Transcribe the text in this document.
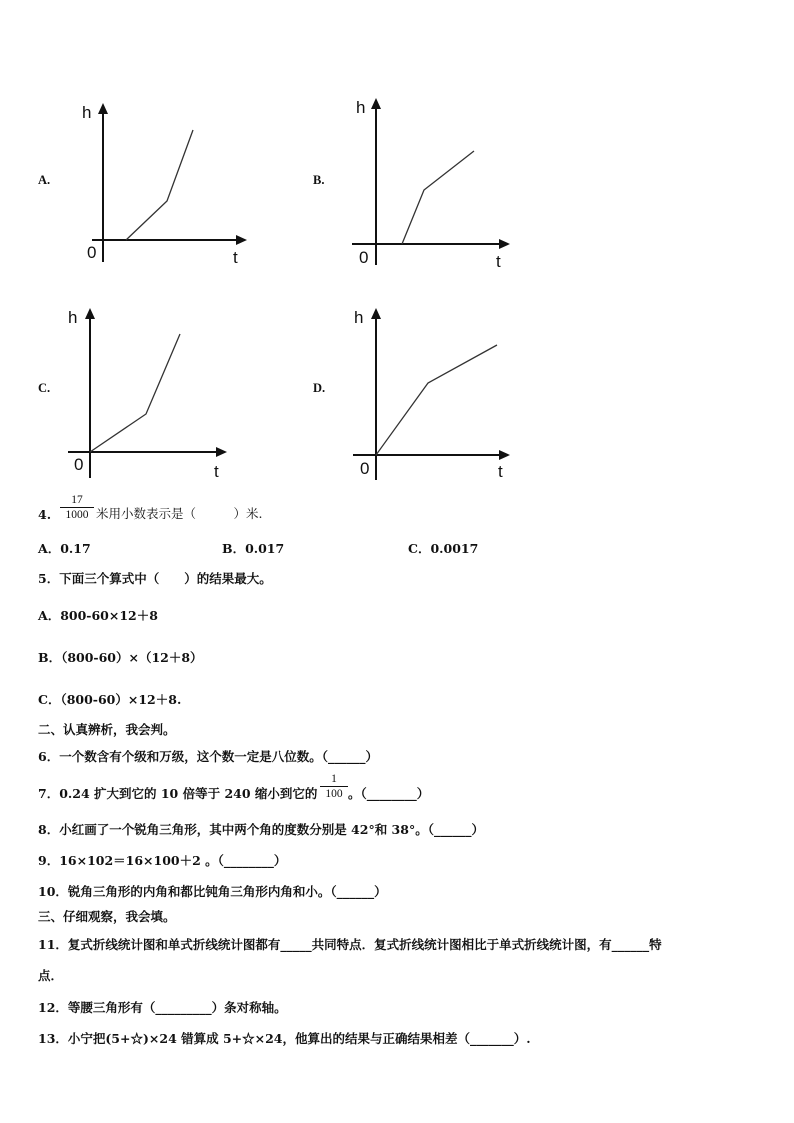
A.	B.
C.	D.
h
0	t
h
0	t
h
0	t
h
0	t
4.
17
1000 米用小数表示是（　　　）米.
A．0.17	B．0.017	C．0.0017
5．下面三个算式中（　　）的结果最大。
A．800-60×12＋8
B．（800-60）×（12＋8）
C．（800-60）×12＋8.
二、认真辨析，我会判。
6．一个数含有个级和万级，这个数一定是八位数。（______）
7．0.24 扩大到它的 10 倍等于 240 缩小到它的
1
100 。（________）
8．小红画了一个锐角三角形，其中两个角的度数分别是 42°和 38°。（______）
9．16×102＝16×100＋2 。（________）
10．锐角三角形的内角和都比钝角三角形内角和小。（______）
三、仔细观察，我会填。
11．复式折线统计图和单式折线统计图都有_____共同特点．复式折线统计图相比于单式折线统计图，有______特
点．
12．等腰三角形有（_________）条对称轴。
13．小宁把(5+☆)×24 错算成 5+☆×24，他算出的结果与正确结果相差（_______）.
